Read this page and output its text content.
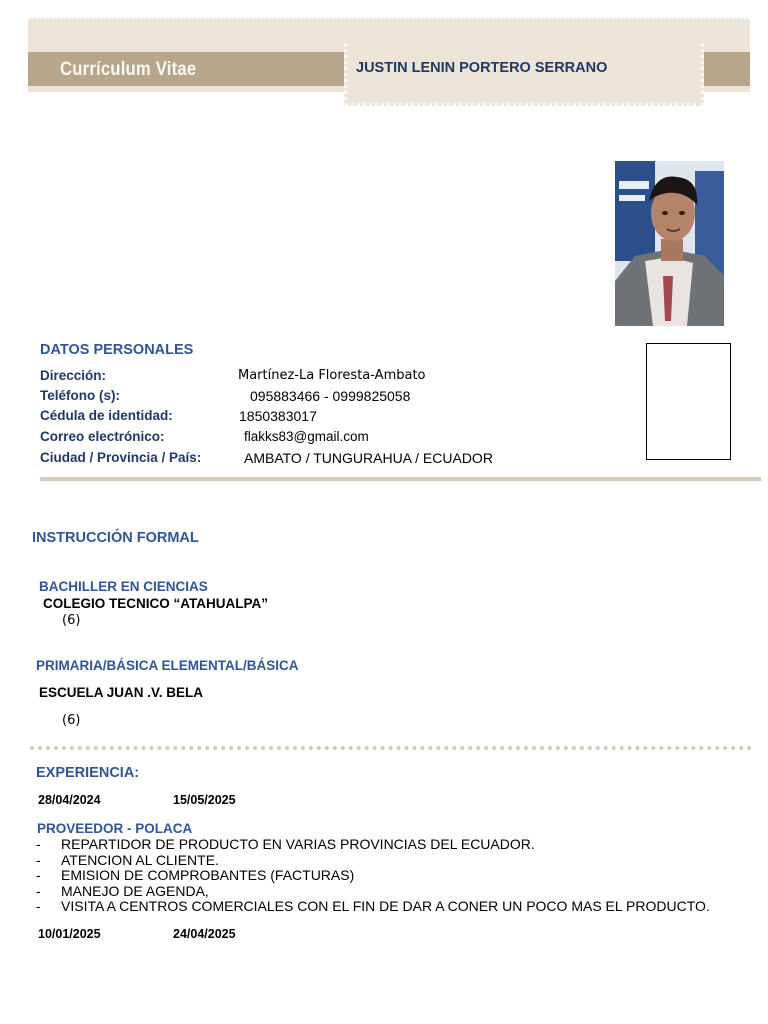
Currículum Vitae	JUSTIN LENIN PORTERO SERRANO
DATOS PERSONALES
Dirección:	Martínez-La Floresta-Ambato
Teléfono (s):	095883466 - 0999825058
Cédula de identidad:	1850383017
Correo electrónico:	flakks83@gmail.com
Ciudad / Provincia / País:	AMBATO / TUNGURAHUA / ECUADOR
INSTRUCCIÓN FORMAL
BACHILLER EN CIENCIAS
COLEGIO TECNICO “ATAHUALPA”
(6)
PRIMARIA/BÁSICA ELEMENTAL/BÁSICA
ESCUELA JUAN .V. BELA
(6)
EXPERIENCIA:
28/04/2024	15/05/2025
PROVEEDOR - POLACA
- REPARTIDOR DE PRODUCTO EN VARIAS PROVINCIAS DEL ECUADOR.
- ATENCION AL CLIENTE.
- EMISION DE COMPROBANTES (FACTURAS)
- MANEJO DE AGENDA,
- VISITA A CENTROS COMERCIALES CON EL FIN DE DAR A CONER UN POCO MAS EL PRODUCTO.
10/01/2025	24/04/2025
